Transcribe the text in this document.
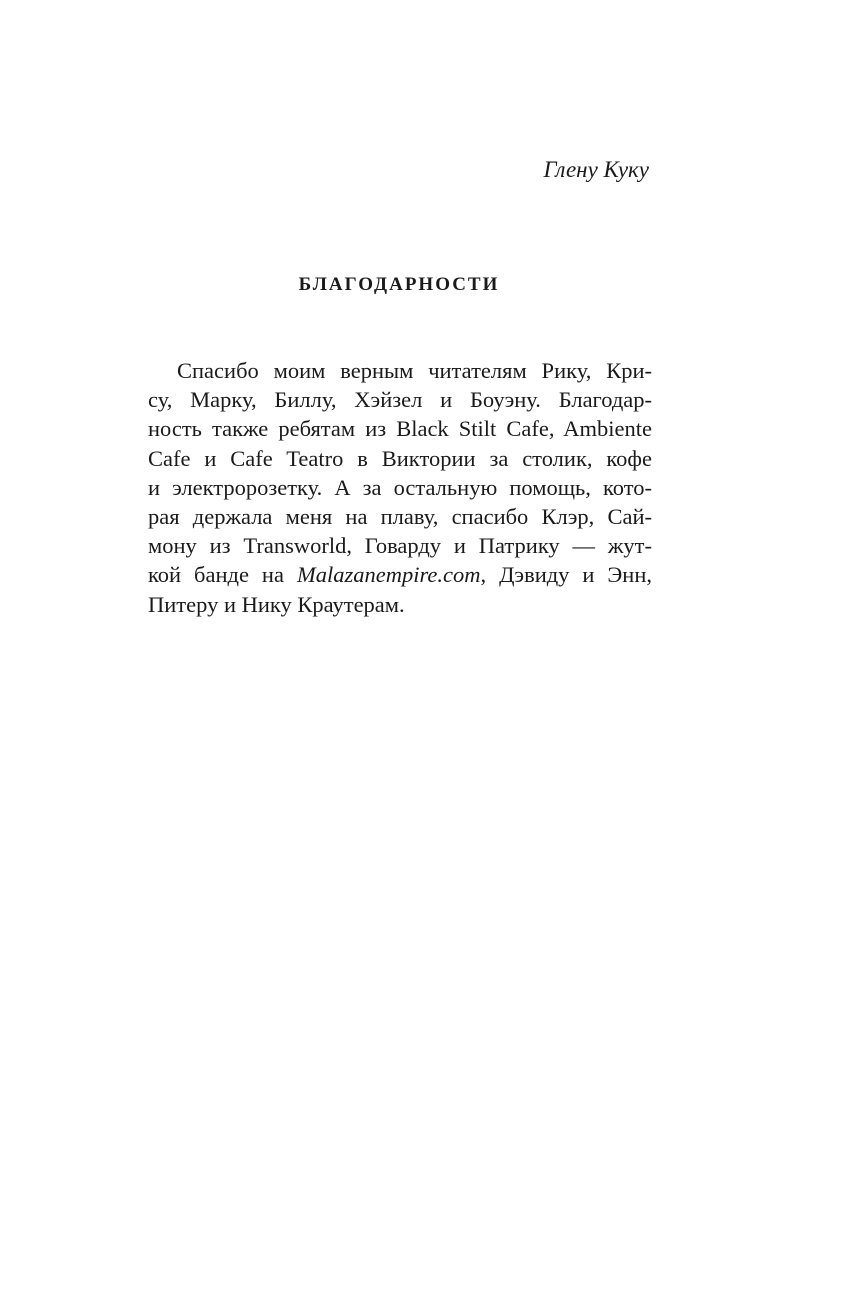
Глену Куку
БЛАГОДАРНОСТИ
Спасибо моим верным читателям Рику, Кри-
су, Марку, Биллу, Хэйзел и Боуэну. Благодар-
ность также ребятам из Black Stilt Cafe, Ambiente
Cafe и Cafe Teatro в Виктории за столик, кофе
и электророзетку. А за остальную помощь, кото-
рая держала меня на плаву, спасибо Клэр, Сай-
мону из Transworld, Говарду и Патрику — жут-
кой банде на Malazanempire.com, Дэвиду и Энн,
Питеру и Нику Краутерам.
